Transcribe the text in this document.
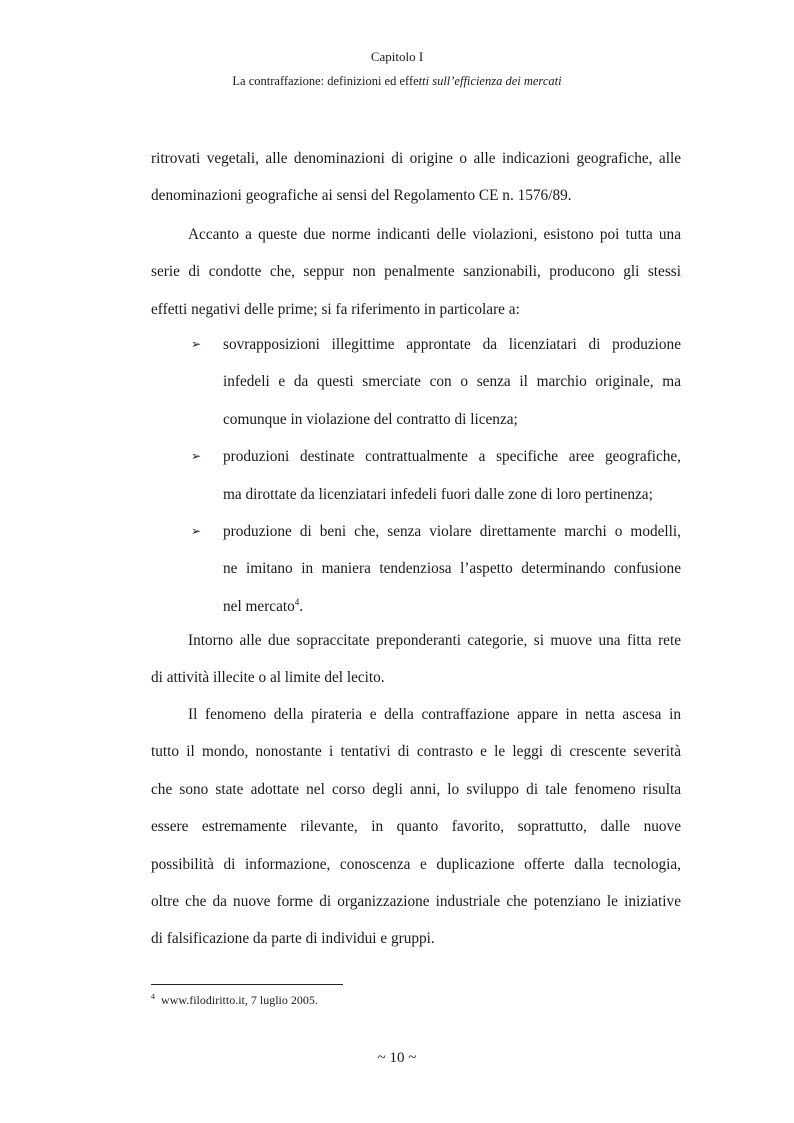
Capitolo I
La contraffazione: definizioni ed effetti sull’efficienza dei mercati
ritrovati vegetali, alle denominazioni di origine o alle indicazioni geografiche, alle
denominazioni geografiche ai sensi del Regolamento CE n. 1576/89.
Accanto a queste due norme indicanti delle violazioni, esistono poi tutta una
serie di condotte che, seppur non penalmente sanzionabili, producono gli stessi
effetti negativi delle prime; si fa riferimento in particolare a:
➢	sovrapposizioni illegittime approntate da licenziatari di produzione
infedeli e da questi smerciate con o senza il marchio originale, ma
comunque in violazione del contratto di licenza;
➢	produzioni destinate contrattualmente a specifiche aree geografiche,
ma dirottate da licenziatari infedeli fuori dalle zone di loro pertinenza;
➢	produzione di beni che, senza violare direttamente marchi o modelli,
ne imitano in maniera tendenziosa l’aspetto determinando confusione
nel mercato$^4$.
Intorno alle due sopraccitate preponderanti categorie, si muove una fitta rete
di attività illecite o al limite del lecito.
Il fenomeno della pirateria e della contraffazione appare in netta ascesa in
tutto il mondo, nonostante i tentativi di contrasto e le leggi di crescente severità
che sono state adottate nel corso degli anni, lo sviluppo di tale fenomeno risulta
essere estremamente rilevante, in quanto favorito, soprattutto, dalle nuove
possibilità di informazione, conoscenza e duplicazione offerte dalla tecnologia,
oltre che da nuove forme di organizzazione industriale che potenziano le iniziative
di falsificazione da parte di individui e gruppi.
$^4$ www.filodiritto.it, 7 luglio 2005.
~ 10 ~
